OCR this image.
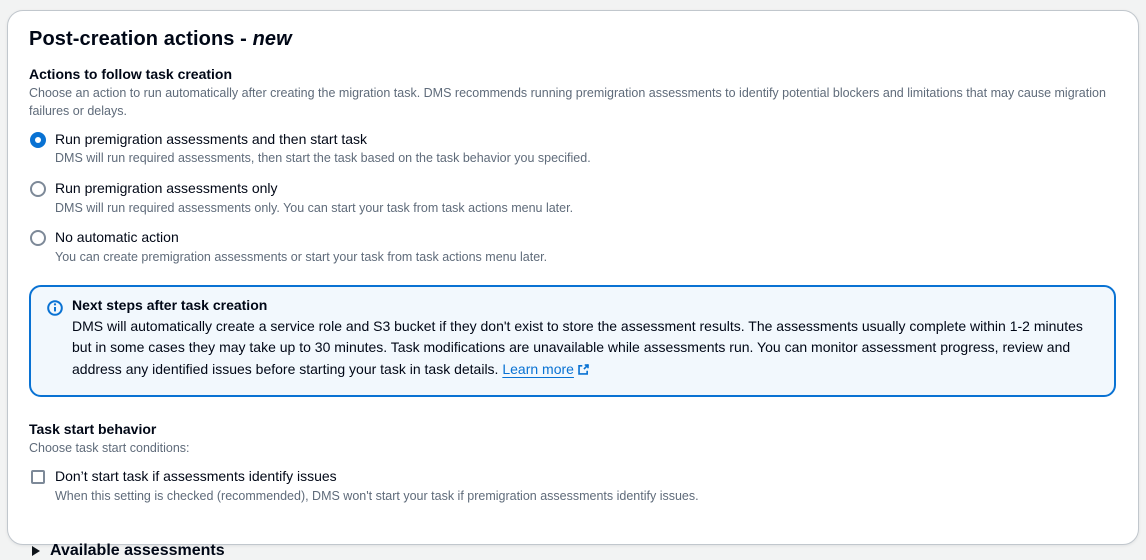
Post-creation actions - new
Actions to follow task creation
Choose an action to run automatically after creating the migration task. DMS recommends running premigration assessments to identify potential blockers and limitations that may cause migration failures or delays.
Run premigration assessments and then start task
DMS will run required assessments, then start the task based on the task behavior you specified.
Run premigration assessments only
DMS will run required assessments only. You can start your task from task actions menu later.
No automatic action
You can create premigration assessments or start your task from task actions menu later.
Next steps after task creation
DMS will automatically create a service role and S3 bucket if they don't exist to store the assessment results. The assessments usually complete within 1-2 minutes but in some cases they may take up to 30 minutes. Task modifications are unavailable while assessments run. You can monitor assessment progress, review and address any identified issues before starting your task in task details. Learn more
Task start behavior
Choose task start conditions:
Don’t start task if assessments identify issues
When this setting is checked (recommended), DMS won't start your task if premigration assessments identify issues.
Available assessments
